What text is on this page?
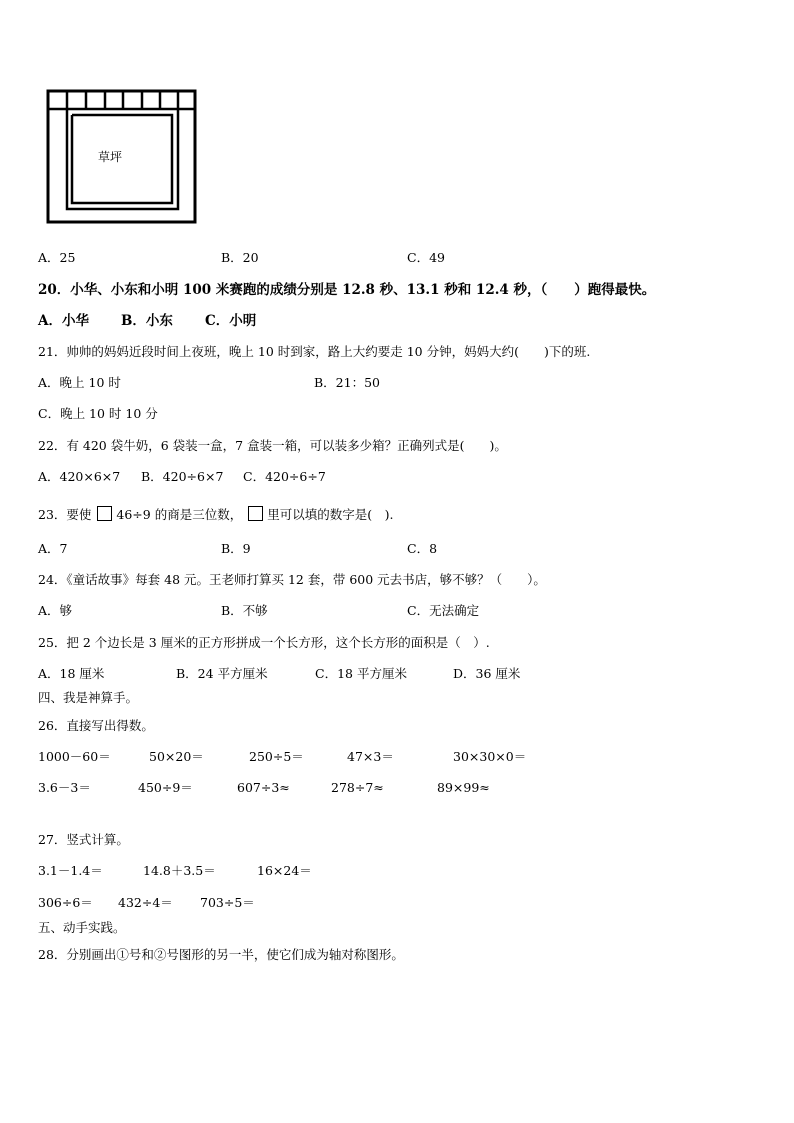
草坪
A．25	B．20	C．49
20．小华、小东和小明 100 米赛跑的成绩分别是 12.8 秒、13.1 秒和 12.4 秒，（　　）跑得最快。
A．小华 B．小东 C．小明
21．帅帅的妈妈近段时间上夜班，晚上 10 时到家，路上大约要走 10 分钟，妈妈大约(　　)下的班.
A．晚上 10 时	B．21：50
C．晚上 10 时 10 分
22．有 420 袋牛奶，6 袋装一盒，7 盒装一箱，可以装多少箱？正确列式是(　　)。
A．420×6×7 B．420÷6×7 C．420÷6÷7
23．要使 46÷9 的商是三位数， 里可以填的数字是(　).
A．7	B．9	C．8
24．《童话故事》每套 48 元。王老师打算买 12 套，带 600 元去书店，够不够？（　　）。
A．够	B．不够	C．无法确定
25．把 2 个边长是 3 厘米的正方形拼成一个长方形，这个长方形的面积是（　）.
A．18 厘米	B．24 平方厘米	C．18 平方厘米	D．36 厘米
四、我是神算手。
26．直接写出得数。
1000－60＝	50×20＝	250÷5＝	47×3＝	30×30×0＝
3.6－3＝	450÷9＝	607÷3≈	278÷7≈	89×99≈
27．竖式计算。
3.1－1.4＝	14.8＋3.5＝	16×24＝
306÷6＝ 432÷4＝ 703÷5＝
五、动手实践。
28．分别画出①号和②号图形的另一半，使它们成为轴对称图形。
